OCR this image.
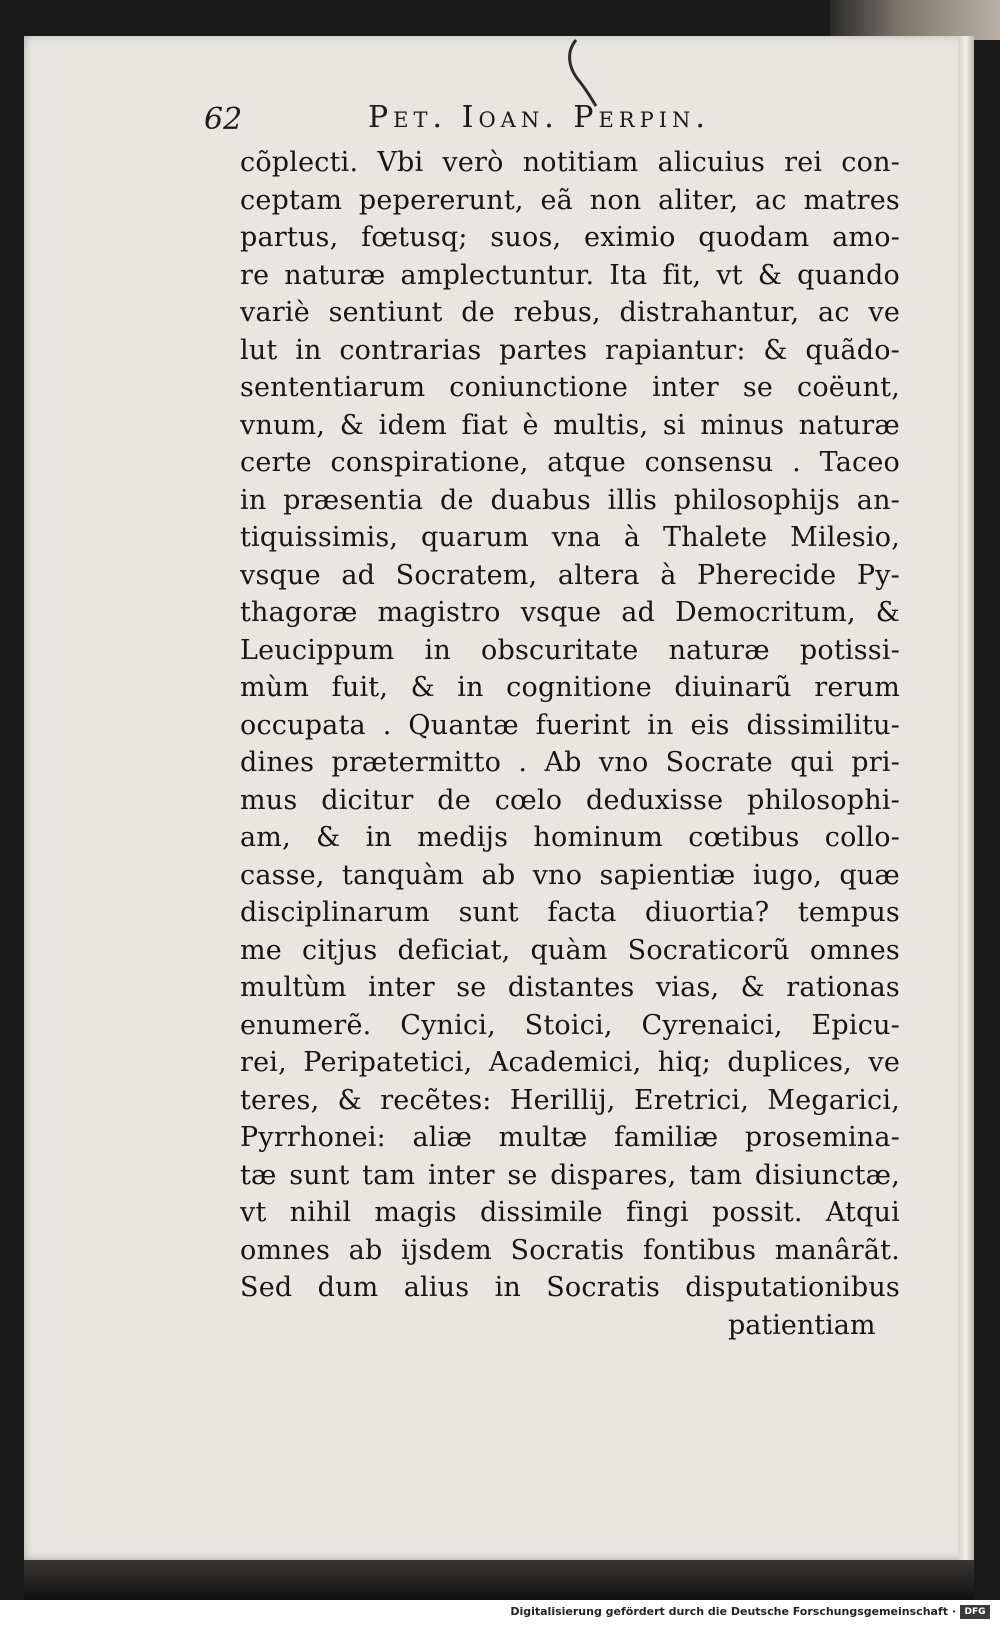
62	Pet. Ioan. Perpin.
cõplecti. Vbi verò notitiam alicuius rei con-
ceptam pepererunt, eã non aliter, ac matres
partus, fœtusq; suos, eximio quodam amo-
re naturæ amplectuntur. Ita fit, vt & quando
variè sentiunt de rebus, distrahantur, ac ve
lut in contrarias partes rapiantur: & quãdo-
sententiarum coniunctione inter se coëunt,
vnum, & idem fiat è multis, si minus naturæ
certe conspiratione, atque consensu . Taceo
in præsentia de duabus illis philosophijs an-
tiquissimis, quarum vna à Thalete Milesio,
vsque ad Socratem, altera à Pherecide Py-
thagoræ magistro vsque ad Democritum, &
Leucippum in obscuritate naturæ potissi-
mùm fuit, & in cognitione diuinarũ rerum
occupata . Quantæ fuerint in eis dissimilitu-
dines prætermitto . Ab vno Socrate qui pri-
mus dicitur de cœlo deduxisse philosophi-
am, & in medijs hominum cœtibus collo-
casse, tanquàm ab vno sapientiæ iugo, quæ
disciplinarum sunt facta diuortia? tempus
me citjus deficiat, quàm Socraticorũ omnes
multùm inter se distantes vias, & rationas
enumerẽ. Cynici, Stoici, Cyrenaici, Epicu-
rei, Peripatetici, Academici, hiq; duplices, ve
teres, & recẽtes: Herillij, Eretrici, Megarici,
Pyrrhonei: aliæ multæ familiæ prosemina-
tæ sunt tam inter se dispares, tam disiunctæ,
vt nihil magis dissimile fingi possit. Atqui
omnes ab ijsdem Socratis fontibus manârãt.
Sed dum alius in Socratis disputationibus
patientiam
Digitalisierung gefördert durch die Deutsche Forschungsgemeinschaft · DFG
